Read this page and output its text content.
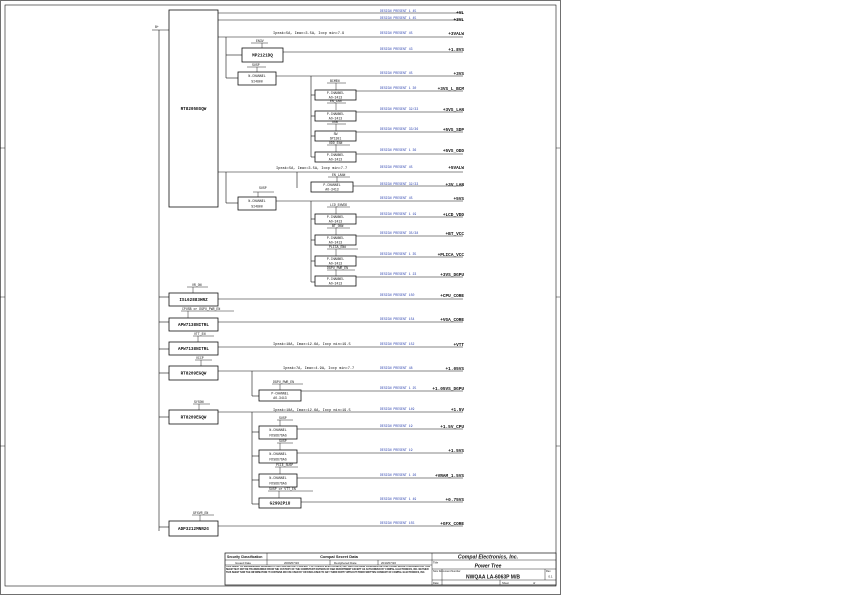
B+
RT8205EGQW
RT8209EGQW
RT8209EGQW
ISL62883HRZ
APW7138NITRL
APW7138NITRL
G2992P1U
ADP3212MNR2G
MP2121DQ
N-CHANNEL
SI4800
N-CHANNEL
SI4800
P-CHANNEL
AO-3413
P-CHANNEL
AO-3413
P-CHANNEL
AO-3413
P-CHANNEL
AO-3413
SW
SP1301
P-CHANNEL
AO-3413
P-CHANNEL
AO-3413
P-CHANNEL
AO-3413
P-CHANNEL
AO-3413
P-CHANNEL
AO-3413
N-CHANNEL
FDS6676AS
N-CHANNEL
FDS6676AS
N-CHANNEL
FDS6676AS
EN3V
SUSP
SUSP
BCMEN
EN_LAN
USB
ODD_EN#
EN_LAN#
LCD_ENVDD
BT_ON#
PLICA_EN#
DGPU_PWR_EN
VR_ON
CPUSB or DGPU_PWR_EN
VTT_EN
VCCP
DGPU_PWR_EN
SYSON
SUSP
SUSP
PCIE_SUSP
SUSP or VTT_EN
GFXVR_EN
Ipeak=5A, Imax=3.5A, Iocp min=7.9
Ipeak=5A, Imax=3.5A, Iocp min=7.7
Ipeak=18A, Imax=12.6A, Iocp min=19.5
Ipeak=7A, Imax=4.9A, Iocp min=7.7
Ipeak=18A, Imax=12.6A, Iocp min=19.5
DESIGN PRESENT 1 45
DESIGN PRESENT 1 45
DESIGN PRESENT 45
DESIGN PRESENT 43
DESIGN PRESENT 45
DESIGN PRESENT 1 30
DESIGN PRESENT 32/33
DESIGN PRESENT 33/36
DESIGN PRESENT 1 36
DESIGN PRESENT 45
DESIGN PRESENT 32/33
DESIGN PRESENT 45
DESIGN PRESENT 1 19
DESIGN PRESENT 35/38
DESIGN PRESENT 1 35
DESIGN PRESENT 1 23
DESIGN PRESENT 150
DESIGN PRESENT 154
DESIGN PRESENT 152
DESIGN PRESENT 48
DESIGN PRESENT 1 25
DESIGN PRESENT 149
DESIGN PRESENT 19
DESIGN PRESENT 19
DESIGN PRESENT 1 26
DESIGN PRESENT 1 49
DESIGN PRESENT 155
+VL
+3VL
+3VALW
+1.8VS
+3VS
+3VS_L_BCM
+3VS_LAN
+5VS_SDP
+5VS_ODD
+5VALW
+3V_LAN
+5VS
+LCD_VDD
+BT_VCC
+PLICA_VCC
+3VS_DGPU
+CPU_CORE
+VGA_CORE
+VTT
+1.05VS
+1.05VS_DGPU
+1.5V
+1.5V_CPU
+1.5VS
+VRAM_1.5VS
+0.75VS
+GFX_CORE
Security Classification	Compal Secret Data
Issued Date	2009/07/20	Deciphered Date	2010/07/20
THIS SHEET OF ENGINEERING DRAWING IS THE PROPRIETARY PROPERTY OF COMPAL ELECTRONICS, INC. AND CONTAINS CONFIDENTIAL AND TRADE SECRET INFORMATION. THIS SHEET MAY NOT BE TRANSFERRED FROM THE CUSTODY OF THE COMPETENT DIVISION OF R&D DEPARTMENT EXCEPT AS AUTHORIZED BY COMPAL ELECTRONICS, INC. NEITHER THIS SHEET NOR THE INFORMATION IT CONTAINS MAY BE USED BY OR DISCLOSED TO ANY THIRD PARTY WITHOUT PRIOR WRITTEN CONSENT OF COMPAL ELECTRONICS, INC.
Compal Electronics, Inc.
Title
Power Tree
Size Document Number
NWQAA LA-6063P M/B
Rev
0.1
Date:	Sheet	of
